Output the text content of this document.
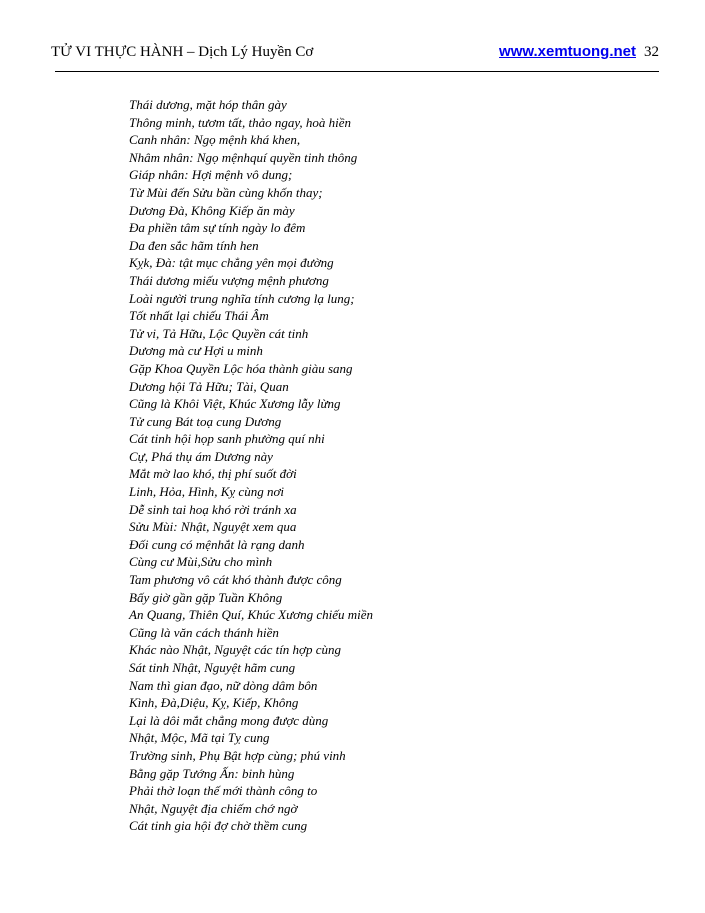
TỬ VI THỰC HÀNH – Dịch Lý Huyền Cơ	www.xemtuong.net 32
Thái dương, mặt hóp thân gày
Thông minh, tươm tất, thảo ngay, hoà hiền
Canh nhân: Ngọ mệnh khá khen,
Nhâm nhân: Ngọ mệnhquí quyền tinh thông
Giáp nhân: Hợi mệnh vô dung;
Từ Mùi đến Sửu bần cùng khốn thay;
Dương Đà, Không Kiếp ăn mày
Đa phiền tâm sự tính ngày lo đêm
Da đen sắc hãm tính hen
Kỵk, Đà: tật mục chẳng yên mọi đường
Thái dương miếu vượng mệnh phương
Loài người trung nghĩa tính cương lạ lung;
Tốt nhất lại chiếu Thái Âm
Tử vi, Tả Hữu, Lộc Quyền cát tinh
Dương mà cư Hợi u minh
Gặp Khoa Quyền Lộc hóa thành giàu sang
Dương hội Tả Hữu; Tài, Quan
Cũng là Khôi Việt, Khúc Xương lẫy lừng
Tử cung Bát toạ cung Dương
Cát tinh hội họp sanh phường quí nhi
Cự, Phá thụ ám Dương này
Mắt mờ lao khó, thị phí suốt đời
Linh, Hỏa, Hình, Kỵ cùng nơi
Dễ sinh tai hoạ khó rời tránh xa
Sửu Mùi: Nhật, Nguyệt xem qua
Đối cung có mệnhắt là rạng danh
Cùng cư Mùi,Sửu cho mình
Tam phương vô cát khó thành được công
Bấy giờ gần gặp Tuần Không
An Quang, Thiên Quí, Khúc Xương chiếu miền
Cũng là văn cách thánh hiền
Khác nào Nhật, Nguyệt các tín hợp cùng
Sát tinh Nhật, Nguyệt hãm cung
Nam thì gian đạo, nữ dòng dâm bôn
Kình, Đà,Diệu, Kỵ, Kiếp, Không
Lại là dôi mắt chẳng mong được dùng
Nhật, Mộc, Mã tại Tỵ cung
Trường sinh, Phụ Bật hợp cùng; phú vinh
Bằng gặp Tướng Ấn: binh hùng
Phải thờ loạn thế mới thành công to
Nhật, Nguyệt địa chiếm chớ ngờ
Cát tinh gia hội đợ chờ thềm cung
